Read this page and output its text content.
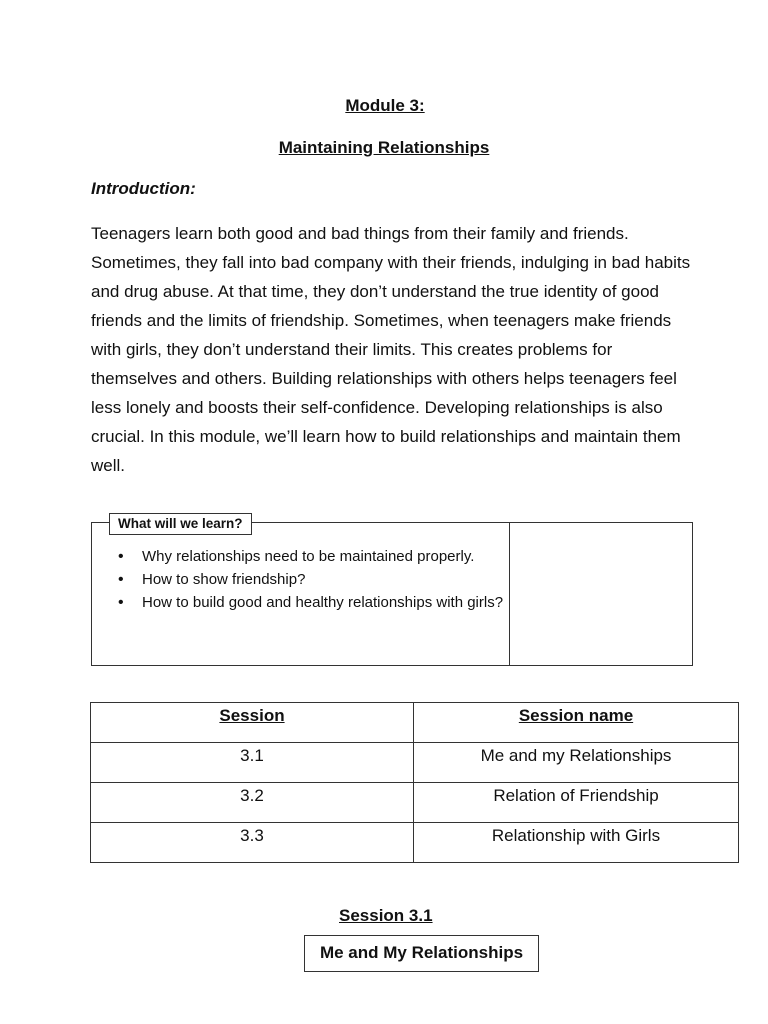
Module 3:
Maintaining Relationships
Introduction:

Teenagers learn both good and bad things from their family and friends. Sometimes, they fall into bad company with their friends, indulging in bad habits and drug abuse. At that time, they don’t understand the true identity of good friends and the limits of friendship. Sometimes, when teenagers make friends with girls, they don’t understand their limits. This creates problems for themselves and others. Building relationships with others helps teenagers feel less lonely and boosts their self-confidence. Developing relationships is also crucial. In this module, we’ll learn how to build relationships and maintain them well.

• Why relationships need to be maintained properly.
• How to show friendship?
• How to build good and healthy relationships with girls?
What will we learn?
Session	Session name
3.1	Me and my Relationships
3.2	Relation of Friendship
3.3	Relationship with Girls
Session 3.1
Me and My Relationships
